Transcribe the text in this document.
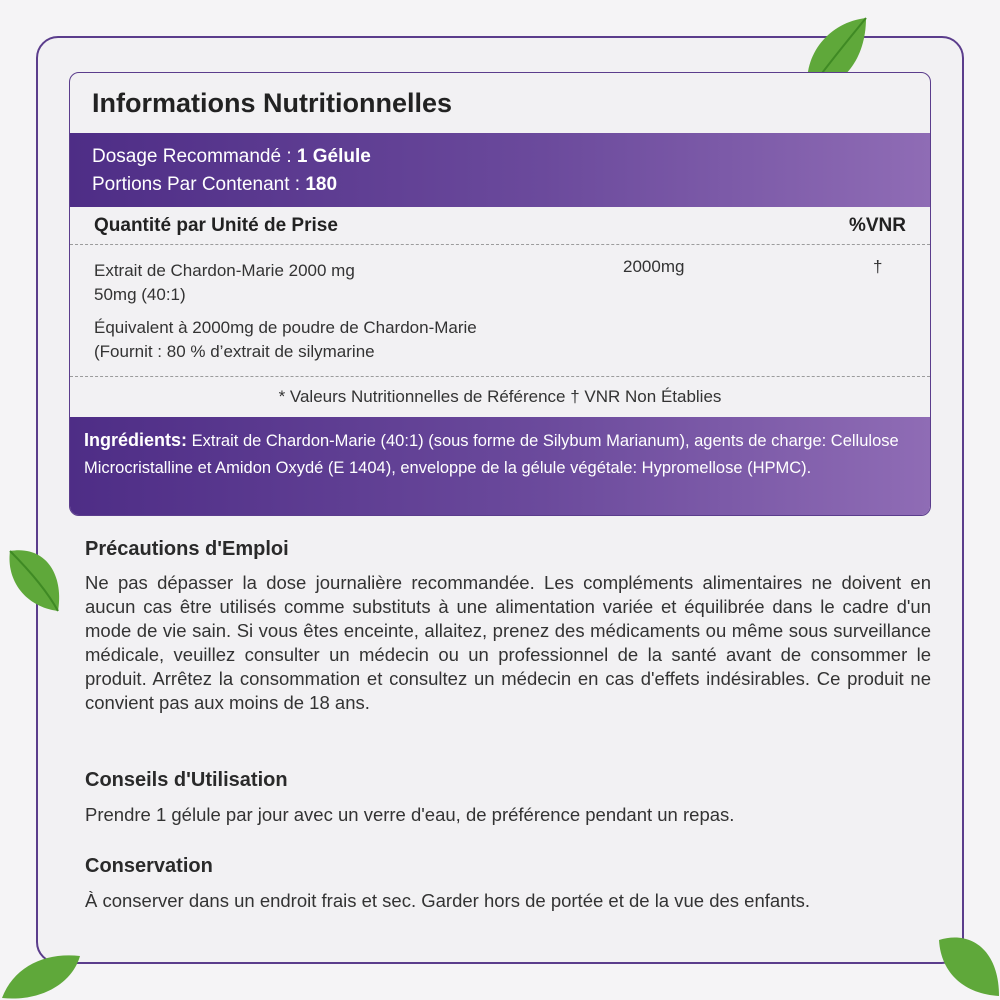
Informations Nutritionnelles
Dosage Recommandé : 1 Gélule
Portions Par Contenant : 180
Quantité par Unité de Prise	%VNR
Extrait de Chardon-Marie 2000 mg
50mg (40:1)
2000mg	†
Équivalent à 2000mg de poudre de Chardon-Marie
(Fournit : 80 % d’extrait de silymarine
* Valeurs Nutritionnelles de Référence † VNR Non Établies
Ingrédients: Extrait de Chardon-Marie (40:1) (sous forme de Silybum Marianum), agents de charge: Cellulose Microcristalline et Amidon Oxydé (E 1404), enveloppe de la gélule végétale: Hypromellose (HPMC).
Précautions d'Emploi
Ne pas dépasser la dose journalière recommandée. Les compléments alimentaires ne doivent en aucun cas être utilisés comme substituts à une alimentation variée et équilibrée dans le cadre d'un mode de vie sain. Si vous êtes enceinte, allaitez, prenez des médicaments ou même sous surveillance médicale, veuillez consulter un médecin ou un professionnel de la santé avant de consommer le produit. Arrêtez la consommation et consultez un médecin en cas d'effets indésirables. Ce produit ne convient pas aux moins de 18 ans.
Conseils d'Utilisation
Prendre 1 gélule par jour avec un verre d'eau, de préférence pendant un repas.
Conservation
À conserver dans un endroit frais et sec. Garder hors de portée et de la vue des enfants.
